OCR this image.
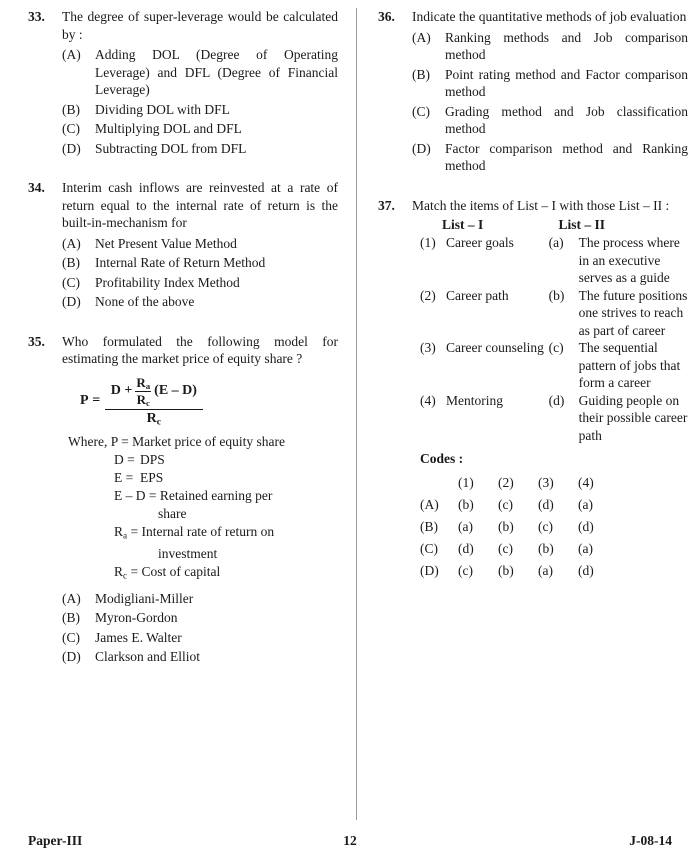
33.	The degree of super-leverage would be calculated by :
(A)	Adding DOL (Degree of Operating Leverage) and DFL (Degree of Financial Leverage)
(B)	Dividing DOL with DFL
(C)	Multiplying DOL and DFL
(D)	Subtracting DOL from DFL
34.	Interim cash inflows are reinvested at a rate of return equal to the internal rate of return is the built-in-mechanism for
(A)	Net Present Value Method
(B)	Internal Rate of Return Method
(C)	Profitability Index Method
(D)	None of the above
35.	Who formulated the following model for estimating the market price of equity share ?
P =
D +
$R_a$
$R_c$
(E – D)
$R_c$
Where, P = Market price of equity share
D = DPS
E = EPS
E – D = Retained earning per
share
$R_a$ = Internal rate of return on
investment
$R_c$ = Cost of capital
(A)	Modigliani-Miller
(B)	Myron-Gordon
(C)	James E. Walter
(D)	Clarkson and Elliot
36.	Indicate the quantitative methods of job evaluation
(A)	Ranking methods and Job comparison method
(B)	Point rating method and Factor comparison method
(C)	Grading method and Job classification method
(D)	Factor comparison method and Ranking method
37.	Match the items of List – I with those List – II :
List – I	List – II
(1) Career goals	(a) The process where in an executive serves as a guide
(2) Career path	(b) The future positions one strives to reach as part of career
(3) Career counseling (c) The sequential pattern of jobs that form a career
(4) Mentoring	(d) Guiding people on their possible career path
Codes :
(1)	(2)	(3)	(4)
(A)	(b)	(c)	(d)	(a)
(B)	(a)	(b)	(c)	(d)
(C)	(d)	(c)	(b)	(a)
(D)	(c)	(b)	(a)	(d)
Paper-III	12	J-08-14
